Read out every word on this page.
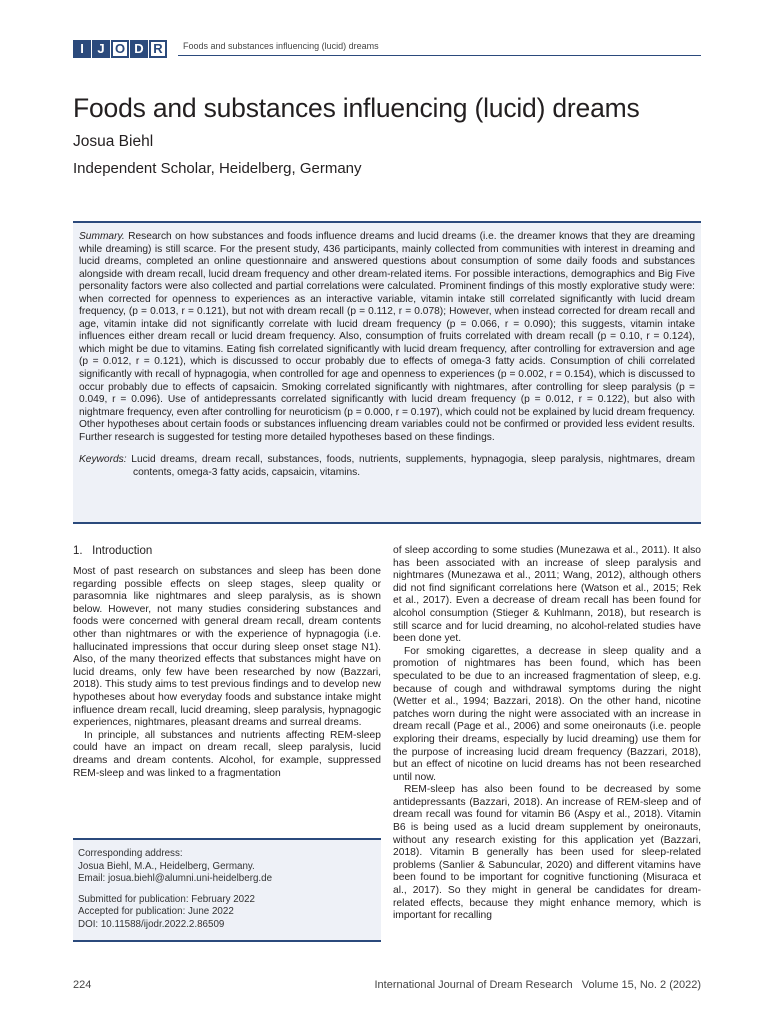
I	J O D R	Foods and substances influencing (lucid) dreams
Foods and substances influencing (lucid) dreams
Josua Biehl
Independent Scholar, Heidelberg, Germany

Summary. Research on how substances and foods influence dreams and lucid dreams (i.e. the dreamer knows that they are dreaming while dreaming) is still scarce. For the present study, 436 participants, mainly collected from communities with interest in dreaming and lucid dreams, completed an online questionnaire and answered questions about consumption of some daily foods and substances alongside with dream recall, lucid dream frequency and other dream-related items. For possible interactions, demographics and Big Five personality factors were also collected and partial correlations were calculated. Prominent findings of this mostly explorative study were: when corrected for openness to experiences as an interactive variable, vitamin intake still correlated significantly with lucid dream frequency, (p = 0.013, r = 0.121), but not with dream recall (p = 0.112, r = 0.078); However, when instead corrected for dream recall and age, vitamin intake did not significantly correlate with lucid dream frequency (p = 0.066, r = 0.090); this suggests, vitamin intake influences either dream recall or lucid dream frequency. Also, consumption of fruits correlated with dream recall (p = 0.10, r = 0.124), which might be due to vitamins. Eating fish correlated significantly with lucid dream frequency, after controlling for extraversion and age (p = 0.012, r = 0.121), which is discussed to occur probably due to effects of omega-3 fatty acids. Consumption of chili correlated significantly with recall of hypnagogia, when controlled for age and openness to experiences (p = 0.002, r = 0.154), which is discussed to occur probably due to effects of capsaicin. Smoking correlated significantly with nightmares, after controlling for sleep paralysis (p = 0.049, r = 0.096). Use of antidepressants correlated significantly with lucid dream frequency (p = 0.012, r = 0.122), but also with nightmare frequency, even after controlling for neuroticism (p = 0.000, r = 0.197), which could not be explained by lucid dream frequency. Other hypotheses about certain foods or substances influencing dream variables could not be confirmed or provided less evident results. Further research is suggested for testing more detailed hypotheses based on these findings.

Keywords: Lucid dreams, dream recall, substances, foods, nutrients, supplements, hypnagogia, sleep paralysis, nightmares, dream contents, omega-3 fatty acids, capsaicin, vitamins.

1.   Introduction

Most of past research on substances and sleep has been done regarding possible effects on sleep stages, sleep quality or parasomnia like nightmares and sleep paralysis, as is shown below. However, not many studies considering substances and foods were concerned with general dream recall, dream contents other than nightmares or with the experience of hypnagogia (i.e. hallucinated impressions that occur during sleep onset stage N1). Also, of the many theorized effects that substances might have on lucid dreams, only few have been researched by now (Bazzari, 2018). This study aims to test previous findings and to develop new hypotheses about how everyday foods and substance intake might influence dream recall, lucid dreaming, sleep paralysis, hypnagogic experiences, nightmares, pleasant dreams and surreal dreams.

In principle, all substances and nutrients affecting REM-sleep could have an impact on dream recall, sleep paralysis, lucid dreams and dream contents. Alcohol, for example, suppressed REM-sleep and was linked to a fragmentation

Corresponding address:

Josua Biehl, M.A., Heidelberg, Germany.

Email: josua.biehl@alumni.uni-heidelberg.de

Submitted for publication: February 2022

Accepted for publication: June 2022

DOI: 10.11588/ijodr.2022.2.86509

of sleep according to some studies (Munezawa et al., 2011). It also has been associated with an increase of sleep paralysis and nightmares (Munezawa et al., 2011; Wang, 2012), although others did not find significant correlations here (Watson et al., 2015; Rek et al., 2017). Even a decrease of dream recall has been found for alcohol consumption (Stieger & Kuhlmann, 2018), but research is still scarce and for lucid dreaming, no alcohol-related studies have been done yet.

For smoking cigarettes, a decrease in sleep quality and a promotion of nightmares has been found, which has been speculated to be due to an increased fragmentation of sleep, e.g. because of cough and withdrawal symptoms during the night (Wetter et al., 1994; Bazzari, 2018). On the other hand, nicotine patches worn during the night were associated with an increase in dream recall (Page et al., 2006) and some oneironauts (i.e. people exploring their dreams, especially by lucid dreaming) use them for the purpose of increasing lucid dream frequency (Bazzari, 2018), but an effect of nicotine on lucid dreams has not been researched until now.

REM-sleep has also been found to be decreased by some antidepressants (Bazzari, 2018). An increase of REM-sleep and of dream recall was found for vitamin B6 (Aspy et al., 2018). Vitamin B6 is being used as a lucid dream supplement by oneironauts, without any research existing for this application yet (Bazzari, 2018). Vitamin B generally has been used for sleep-related problems (Sanlier & Sabuncular, 2020) and different vitamins have been found to be important for cognitive functioning (Misuraca et al., 2017). So they might in general be candidates for dream-related effects, because they might enhance memory, which is important for recalling

224	International Journal of Dream Research   Volume 15, No. 2 (2022)
